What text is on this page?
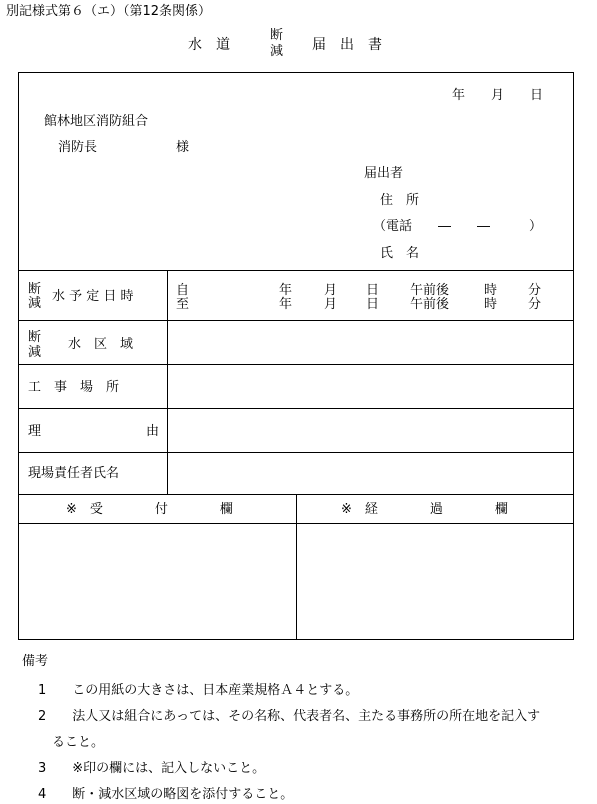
別記様式第６（エ）（第12条関係）
水　道
断
減 届　出　書
年　　月　　日
館林地区消防組合
消防長	様
届出者
住　所
（電話　　―　　―　　　）
氏　名
断
減 水 予 定 日 時	自	年 月 日 午前後	時 分
至	年 月 日 午前後	時 分
断
減
水　区　域
工　事　場　所
理	由
現場責任者氏名
※　受　　　　付　　　　欄	※　経　　　　過　　　　欄
備考
1　　この用紙の大きさは、日本産業規格Ａ４とする。
2　　法人又は組合にあっては、その名称、代表者名、主たる事務所の所在地を記入す
ること。
3　　※印の欄には、記入しないこと。
4　　断・減水区域の略図を添付すること。
